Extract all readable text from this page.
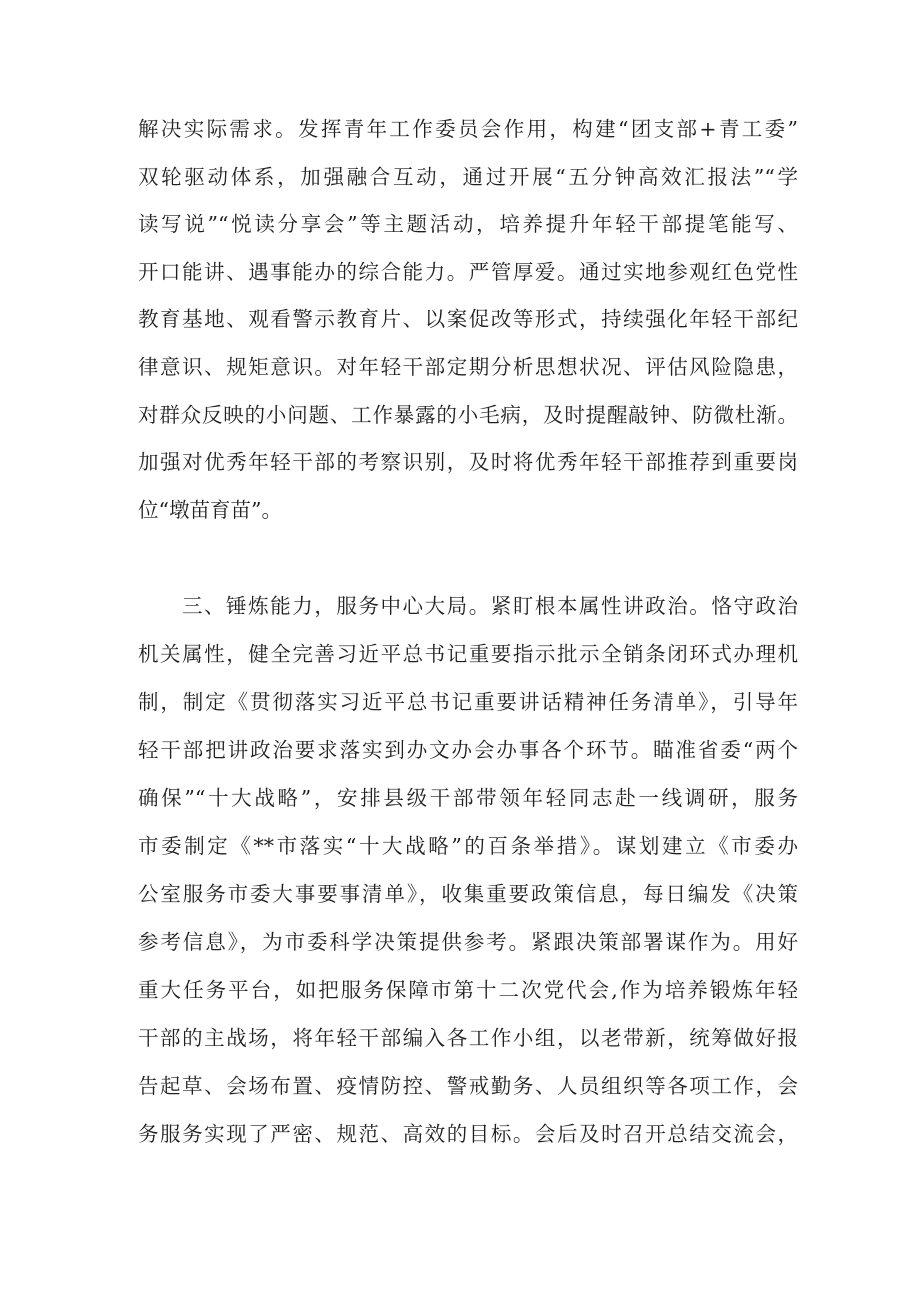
解决实际需求。发挥青年工作委员会作用，构建“团支部+青工委”
双轮驱动体系，加强融合互动，通过开展“五分钟高效汇报法”“学
读写说”“悦读分享会”等主题活动，培养提升年轻干部提笔能写、
开口能讲、遇事能办的综合能力。严管厚爱。通过实地参观红色党性
教育基地、观看警示教育片、以案促改等形式，持续强化年轻干部纪
律意识、规矩意识。对年轻干部定期分析思想状况、评估风险隐患，
对群众反映的小问题、工作暴露的小毛病，及时提醒敲钟、防微杜渐。
加强对优秀年轻干部的考察识别，及时将优秀年轻干部推荐到重要岗
位“墩苗育苗”。
三、锤炼能力，服务中心大局。紧盯根本属性讲政治。恪守政治
机关属性，健全完善习近平总书记重要指示批示全销条闭环式办理机
制，制定《贯彻落实习近平总书记重要讲话精神任务清单》，引导年
轻干部把讲政治要求落实到办文办会办事各个环节。瞄准省委“两个
确保”“十大战略”，安排县级干部带领年轻同志赴一线调研，服务
市委制定《**市落实“十大战略”的百条举措》。谋划建立《市委办
公室服务市委大事要事清单》，收集重要政策信息，每日编发《决策
参考信息》，为市委科学决策提供参考。紧跟决策部署谋作为。用好
重大任务平台，如把服务保障市第十二次党代会,作为培养锻炼年轻
干部的主战场，将年轻干部编入各工作小组，以老带新，统筹做好报
告起草、会场布置、疫情防控、警戒勤务、人员组织等各项工作，会
务服务实现了严密、规范、高效的目标。会后及时召开总结交流会，
